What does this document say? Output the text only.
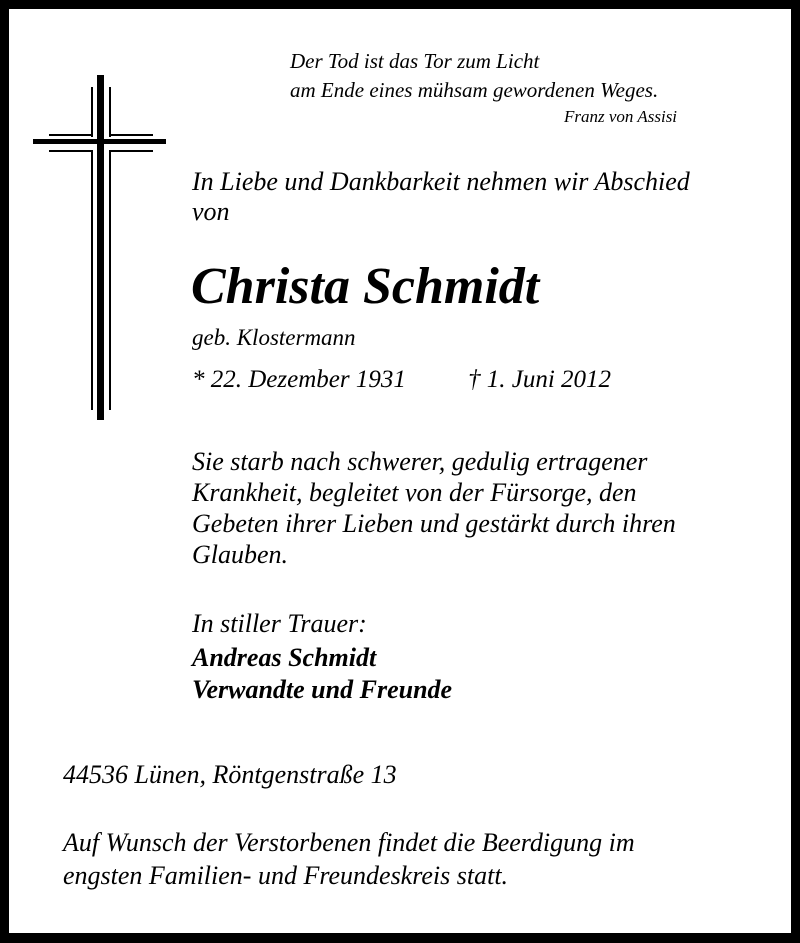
Der Tod ist das Tor zum Licht
am Ende eines mühsam gewordenen Weges.
Franz von Assisi
In Liebe und Dankbarkeit nehmen wir Abschied
von
Christa Schmidt
geb. Klostermann
* 22. Dezember 1931 † 1. Juni 2012
Sie starb nach schwerer, gedulig ertragener
Krankheit, begleitet von der Fürsorge, den
Gebeten ihrer Lieben und gestärkt durch ihren
Glauben.
In stiller Trauer:
Andreas Schmidt
Verwandte und Freunde
44536 Lünen, Röntgenstraße 13
Auf Wunsch der Verstorbenen findet die Beerdigung im
engsten Familien- und Freundeskreis statt.
